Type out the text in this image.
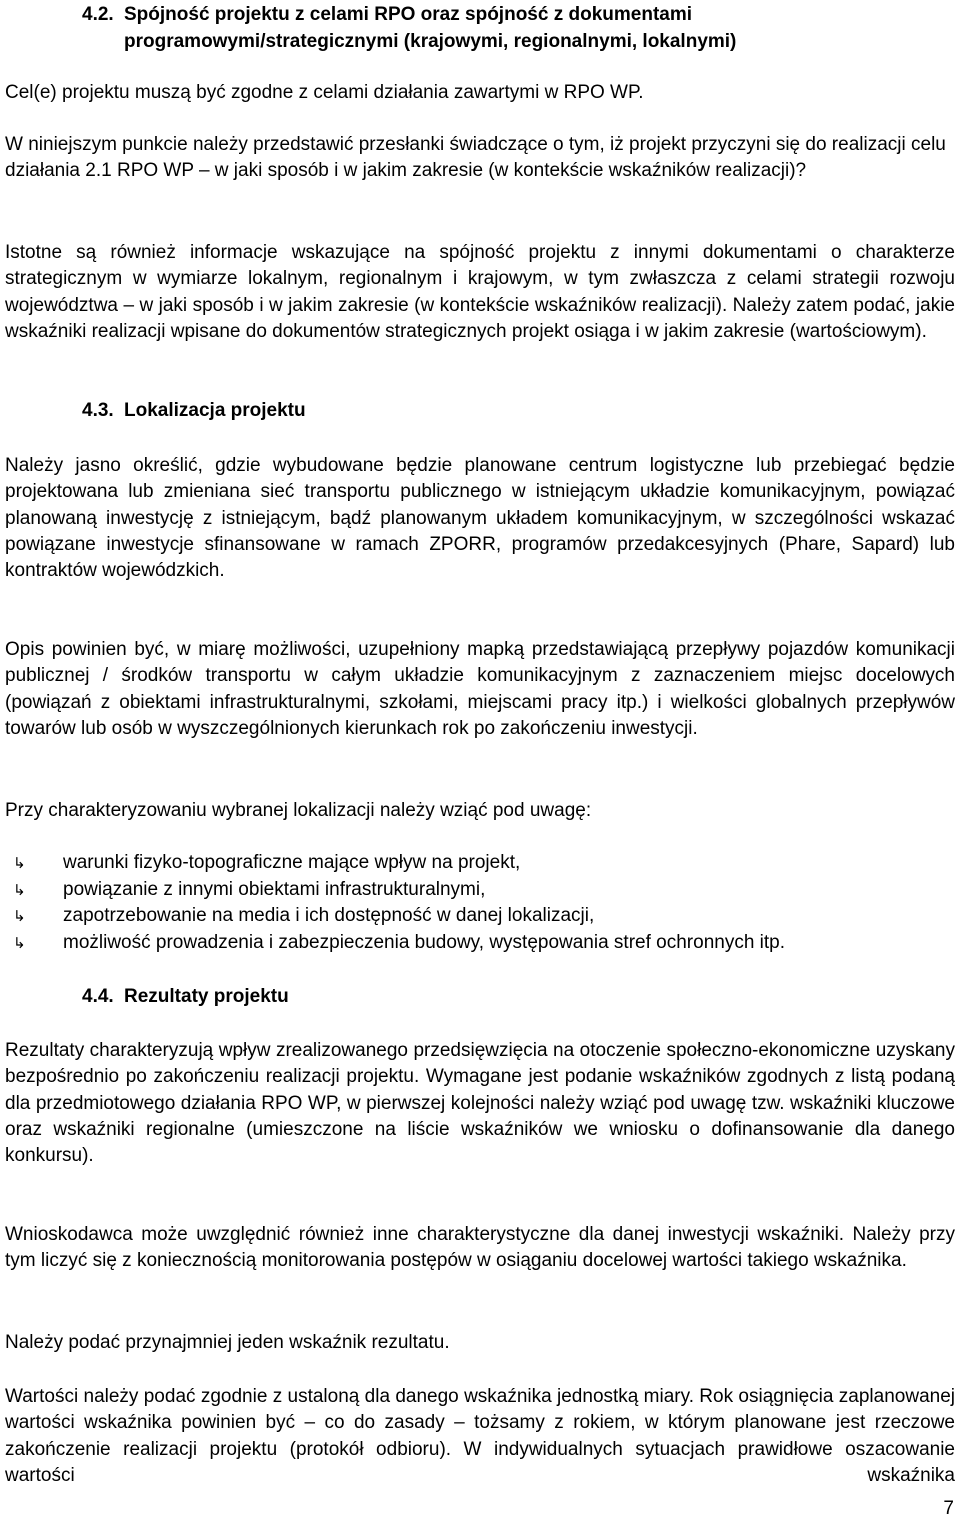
4.2. Spójność projektu z celami RPO oraz spójność z dokumentami
programowymi/strategicznymi (krajowymi, regionalnymi, lokalnymi)
Cel(e) projektu muszą być zgodne z celami działania zawartymi w RPO WP.
W niniejszym punkcie należy przedstawić przesłanki świadczące o tym, iż projekt przyczyni się do realizacji celu działania 2.1 RPO WP – w jaki sposób i w jakim zakresie (w kontekście wskaźników realizacji)?
Istotne są również informacje wskazujące na spójność projektu z innymi dokumentami o charakterze strategicznym w wymiarze lokalnym, regionalnym i krajowym, w tym zwłaszcza z celami strategii rozwoju województwa – w jaki sposób i w jakim zakresie (w kontekście wskaźników realizacji). Należy zatem podać, jakie wskaźniki realizacji wpisane do dokumentów strategicznych projekt osiąga i w jakim zakresie (wartościowym).
4.3. Lokalizacja projektu
Należy jasno określić, gdzie wybudowane będzie planowane centrum logistyczne lub przebiegać będzie projektowana lub zmieniana sieć transportu publicznego w istniejącym układzie komunikacyjnym, powiązać planowaną inwestycję z istniejącym, bądź planowanym układem komunikacyjnym, w szczególności wskazać powiązane inwestycje sfinansowane w ramach ZPORR, programów przedakcesyjnych (Phare, Sapard) lub kontraktów wojewódzkich.
Opis powinien być, w miarę możliwości, uzupełniony mapką przedstawiającą przepływy pojazdów komunikacji publicznej / środków transportu w całym układzie komunikacyjnym z zaznaczeniem miejsc docelowych (powiązań z obiektami infrastrukturalnymi, szkołami, miejscami pracy itp.) i wielkości globalnych przepływów towarów lub osób w wyszczególnionych kierunkach rok po zakończeniu inwestycji.
Przy charakteryzowaniu wybranej lokalizacji należy wziąć pod uwagę:
↳ warunki fizyko-topograficzne mające wpływ na projekt,
↳ powiązanie z innymi obiektami infrastrukturalnymi,
↳ zapotrzebowanie na media i ich dostępność w danej lokalizacji,
↳ możliwość prowadzenia i zabezpieczenia budowy, występowania stref ochronnych itp.
4.4. Rezultaty projektu
Rezultaty charakteryzują wpływ zrealizowanego przedsięwzięcia na otoczenie społeczno-ekonomiczne uzyskany bezpośrednio po zakończeniu realizacji projektu. Wymagane jest podanie wskaźników zgodnych z listą podaną dla przedmiotowego działania RPO WP, w pierwszej kolejności należy wziąć pod uwagę tzw. wskaźniki kluczowe oraz wskaźniki regionalne (umieszczone na liście wskaźników we wniosku o dofinansowanie dla danego konkursu).
Wnioskodawca może uwzględnić również inne charakterystyczne dla danej inwestycji wskaźniki. Należy przy tym liczyć się z koniecznością monitorowania postępów w osiąganiu docelowej wartości takiego wskaźnika.
Należy podać przynajmniej jeden wskaźnik rezultatu.
Wartości należy podać zgodnie z ustaloną dla danego wskaźnika jednostką miary. Rok osiągnięcia zaplanowanej wartości wskaźnika powinien być – co do zasady – tożsamy z rokiem, w którym planowane jest rzeczowe zakończenie realizacji projektu (protokół odbioru). W indywidualnych sytuacjach prawidłowe oszacowanie wartości wskaźnika
7
